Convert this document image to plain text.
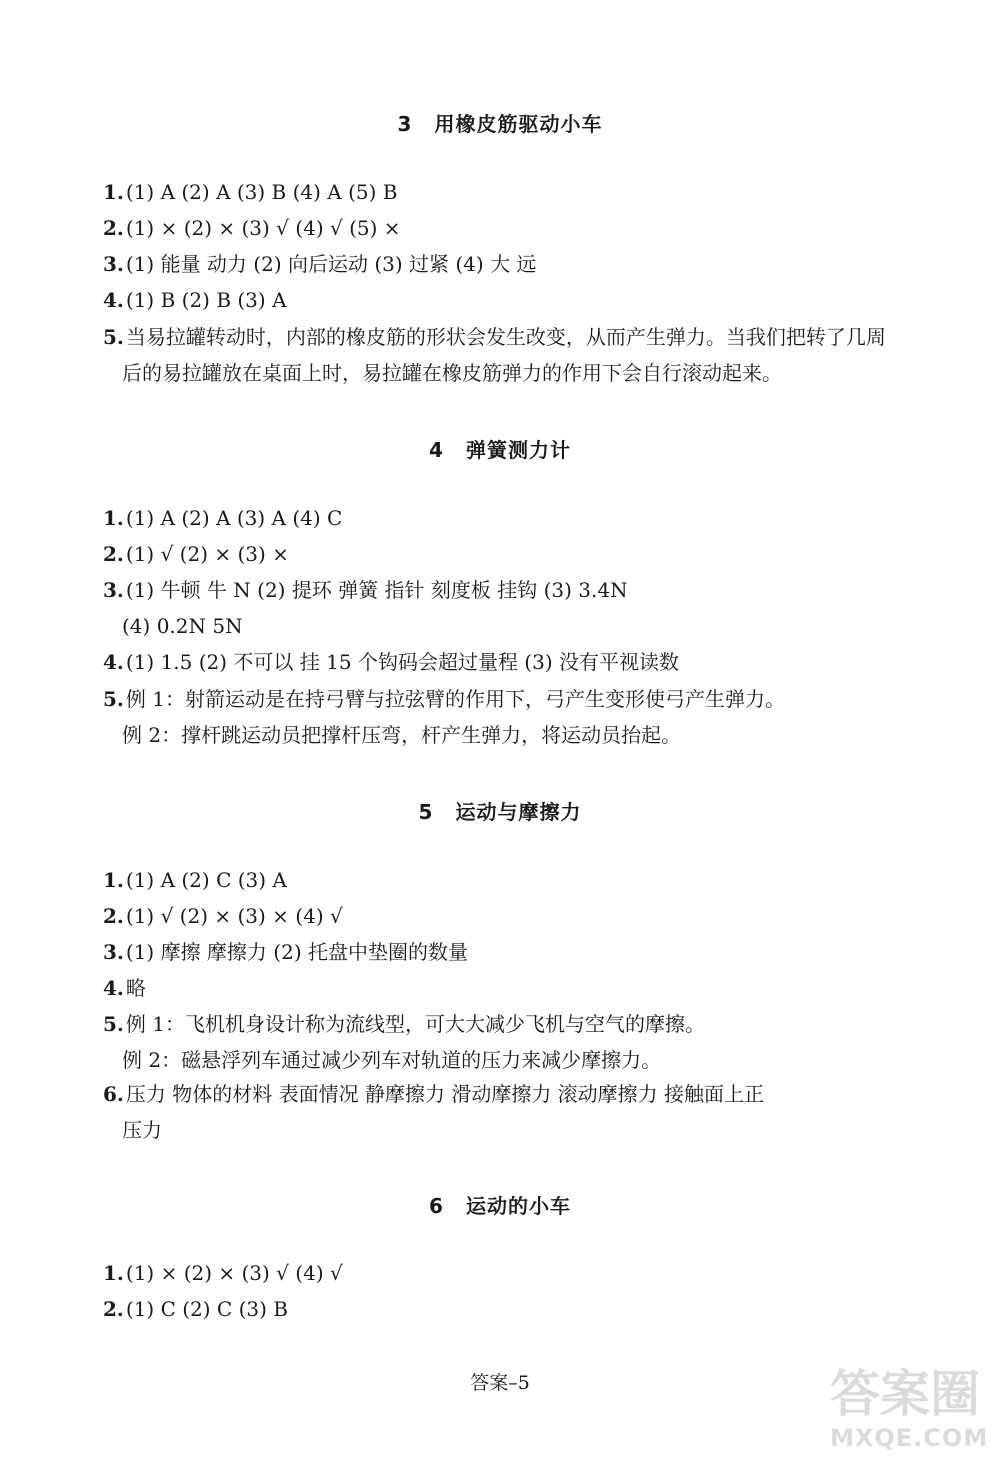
3 用橡皮筋驱动小车
1. (1) A (2) A (3) B (4) A (5) B
2. (1) × (2) × (3) √ (4) √ (5) ×
3. (1) 能量 动力 (2) 向后运动 (3) 过紧 (4) 大 远
4. (1) B (2) B (3) A
5. 当易拉罐转动时，内部的橡皮筋的形状会发生改变，从而产生弹力。当我们把转了几周
后的易拉罐放在桌面上时，易拉罐在橡皮筋弹力的作用下会自行滚动起来。
4 弹簧测力计
1. (1) A (2) A (3) A (4) C
2. (1) √ (2) × (3) ×
3. (1) 牛顿 牛 N (2) 提环 弹簧 指针 刻度板 挂钩 (3) 3.4N
(4) 0.2N 5N
4. (1) 1.5 (2) 不可以 挂 15 个钩码会超过量程 (3) 没有平视读数
5. 例 1：射箭运动是在持弓臂与拉弦臂的作用下，弓产生变形使弓产生弹力。
例 2：撑杆跳运动员把撑杆压弯，杆产生弹力，将运动员抬起。
5 运动与摩擦力
1. (1) A (2) C (3) A
2. (1) √ (2) × (3) × (4) √
3. (1) 摩擦 摩擦力 (2) 托盘中垫圈的数量
4. 略
5. 例 1：飞机机身设计称为流线型，可大大减少飞机与空气的摩擦。
例 2：磁悬浮列车通过减少列车对轨道的压力来减少摩擦力。
6. 压力 物体的材料 表面情况 静摩擦力 滑动摩擦力 滚动摩擦力 接触面上正
压力
6 运动的小车
1. (1) × (2) × (3) √ (4) √
2. (1) C (2) C (3) B
答案–5	答案圈
MXQE.COM
